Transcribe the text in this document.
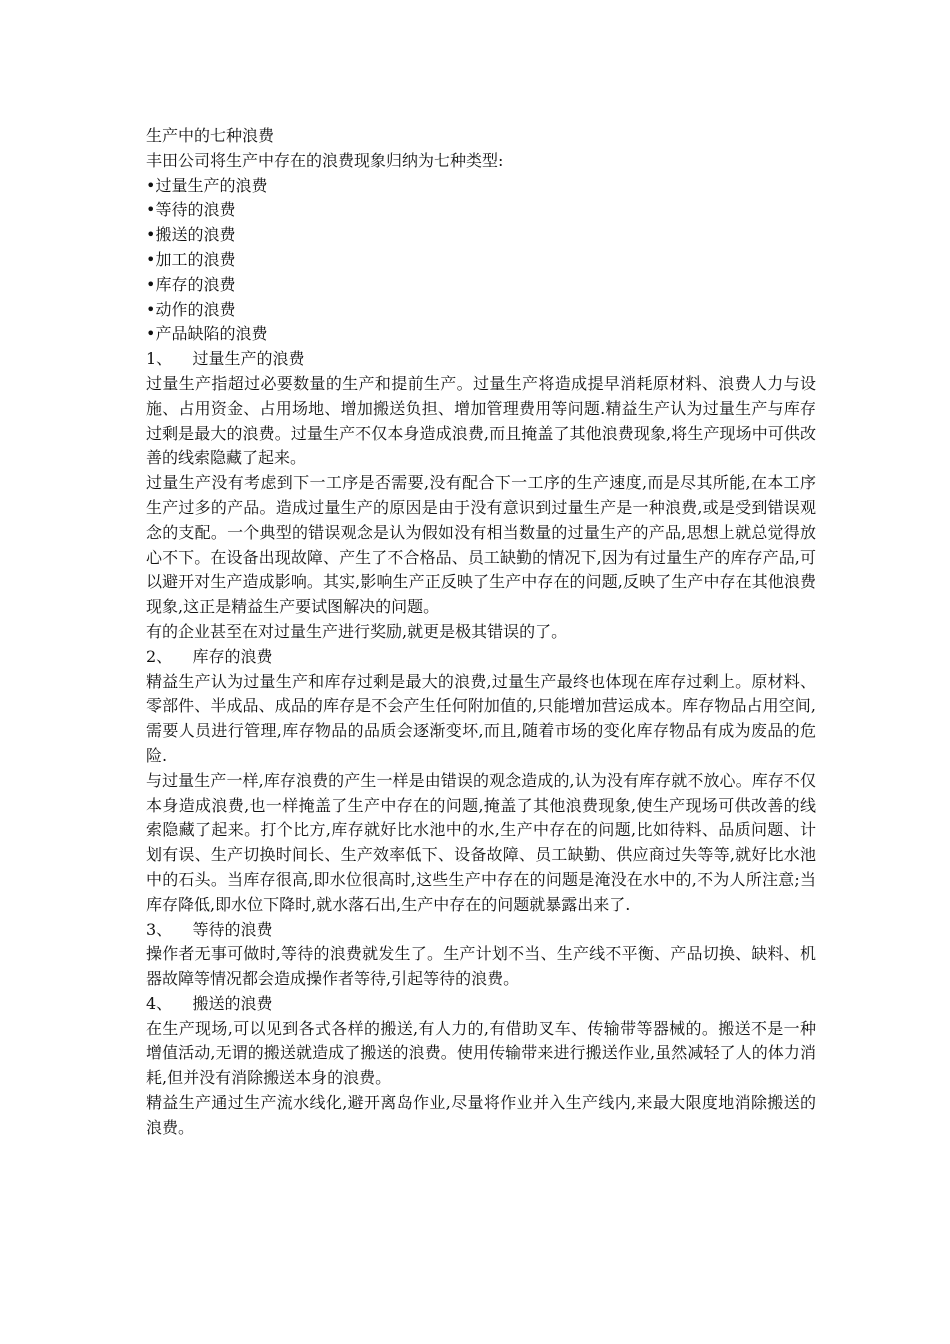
生产中的七种浪费
丰田公司将生产中存在的浪费现象归纳为七种类型:
•过量生产的浪费
•等待的浪费
•搬送的浪费
•加工的浪费
•库存的浪费
•动作的浪费
•产品缺陷的浪费
1、    过量生产的浪费
过量生产指超过必要数量的生产和提前生产。过量生产将造成提早消耗原材料、浪费人力与设施、占用资金、占用场地、增加搬送负担、增加管理费用等问题.精益生产认为过量生产与库存过剩是最大的浪费。过量生产不仅本身造成浪费,而且掩盖了其他浪费现象,将生产现场中可供改善的线索隐藏了起来。
过量生产没有考虑到下一工序是否需要,没有配合下一工序的生产速度,而是尽其所能,在本工序生产过多的产品。造成过量生产的原因是由于没有意识到过量生产是一种浪费,或是受到错误观念的支配。一个典型的错误观念是认为假如没有相当数量的过量生产的产品,思想上就总觉得放心不下。在设备出现故障、产生了不合格品、员工缺勤的情况下,因为有过量生产的库存产品,可以避开对生产造成影响。其实,影响生产正反映了生产中存在的问题,反映了生产中存在其他浪费现象,这正是精益生产要试图解决的问题。
有的企业甚至在对过量生产进行奖励,就更是极其错误的了。
2、    库存的浪费
精益生产认为过量生产和库存过剩是最大的浪费,过量生产最终也体现在库存过剩上。原材料、零部件、半成品、成品的库存是不会产生任何附加值的,只能增加营运成本。库存物品占用空间,需要人员进行管理,库存物品的品质会逐渐变坏,而且,随着市场的变化库存物品有成为废品的危险.
与过量生产一样,库存浪费的产生一样是由错误的观念造成的,认为没有库存就不放心。库存不仅本身造成浪费,也一样掩盖了生产中存在的问题,掩盖了其他浪费现象,使生产现场可供改善的线索隐藏了起来。打个比方,库存就好比水池中的水,生产中存在的问题,比如待料、品质问题、计划有误、生产切换时间长、生产效率低下、设备故障、员工缺勤、供应商过失等等,就好比水池中的石头。当库存很高,即水位很高时,这些生产中存在的问题是淹没在水中的,不为人所注意;当库存降低,即水位下降时,就水落石出,生产中存在的问题就暴露出来了.
3、    等待的浪费
操作者无事可做时,等待的浪费就发生了。生产计划不当、生产线不平衡、产品切换、缺料、机器故障等情况都会造成操作者等待,引起等待的浪费。
4、    搬送的浪费
在生产现场,可以见到各式各样的搬送,有人力的,有借助叉车、传输带等器械的。搬送不是一种增值活动,无谓的搬送就造成了搬送的浪费。使用传输带来进行搬送作业,虽然减轻了人的体力消耗,但并没有消除搬送本身的浪费。
精益生产通过生产流水线化,避开离岛作业,尽量将作业并入生产线内,来最大限度地消除搬送的浪费。
